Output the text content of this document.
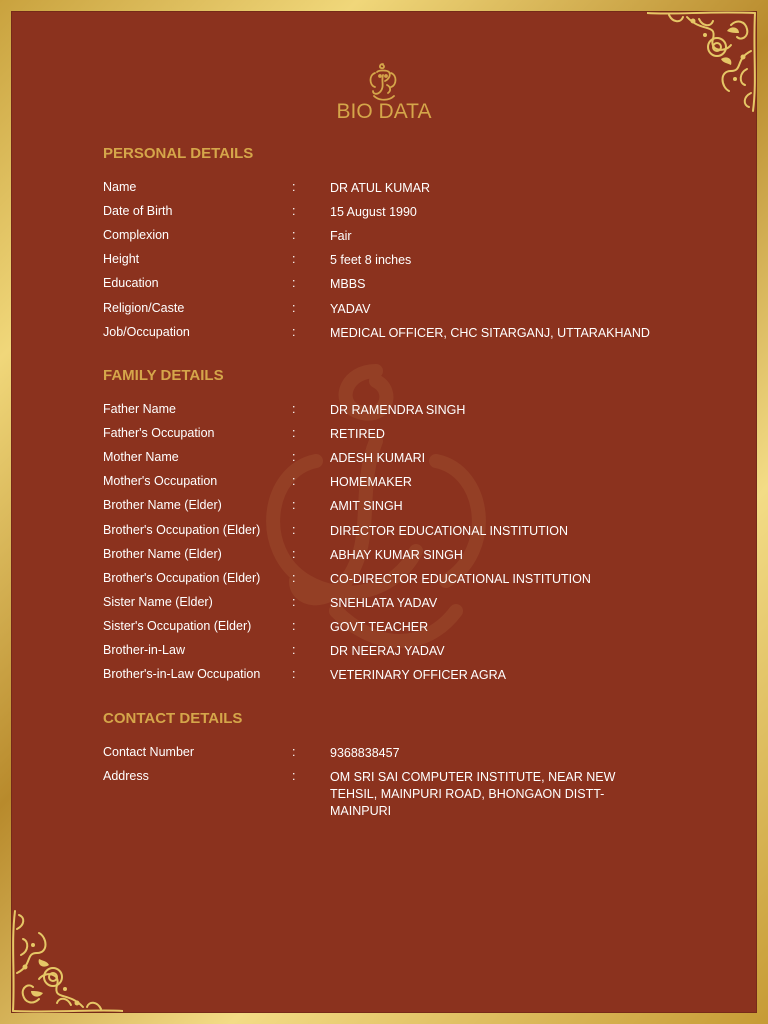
BIO DATA
PERSONAL DETAILS
Name	:	DR ATUL KUMAR
Date of Birth	:	15 August 1990
Complexion	:	Fair
Height	:	5 feet 8 inches
Education	:	MBBS
Religion/Caste	:	YADAV
Job/Occupation	:	MEDICAL OFFICER, CHC SITARGANJ, UTTARAKHAND
FAMILY DETAILS
Father Name	:	DR RAMENDRA SINGH
Father's Occupation	:	RETIRED
Mother Name	:	ADESH KUMARI
Mother's Occupation	:	HOMEMAKER
Brother Name (Elder)	:	AMIT SINGH
Brother's Occupation (Elder)	:	DIRECTOR EDUCATIONAL INSTITUTION
Brother Name (Elder)	:	ABHAY KUMAR SINGH
Brother's Occupation (Elder)	:	CO-DIRECTOR EDUCATIONAL INSTITUTION
Sister Name (Elder)	:	SNEHLATA YADAV
Sister's Occupation (Elder)	:	GOVT TEACHER
Brother-in-Law	:	DR NEERAJ YADAV
Brother's-in-Law Occupation	:	VETERINARY OFFICER AGRA
CONTACT DETAILS
Contact Number	:	9368838457
Address	:	OM SRI SAI COMPUTER INSTITUTE, NEAR NEW TEHSIL, MAINPURI ROAD, BHONGAON DISTT-MAINPURI
